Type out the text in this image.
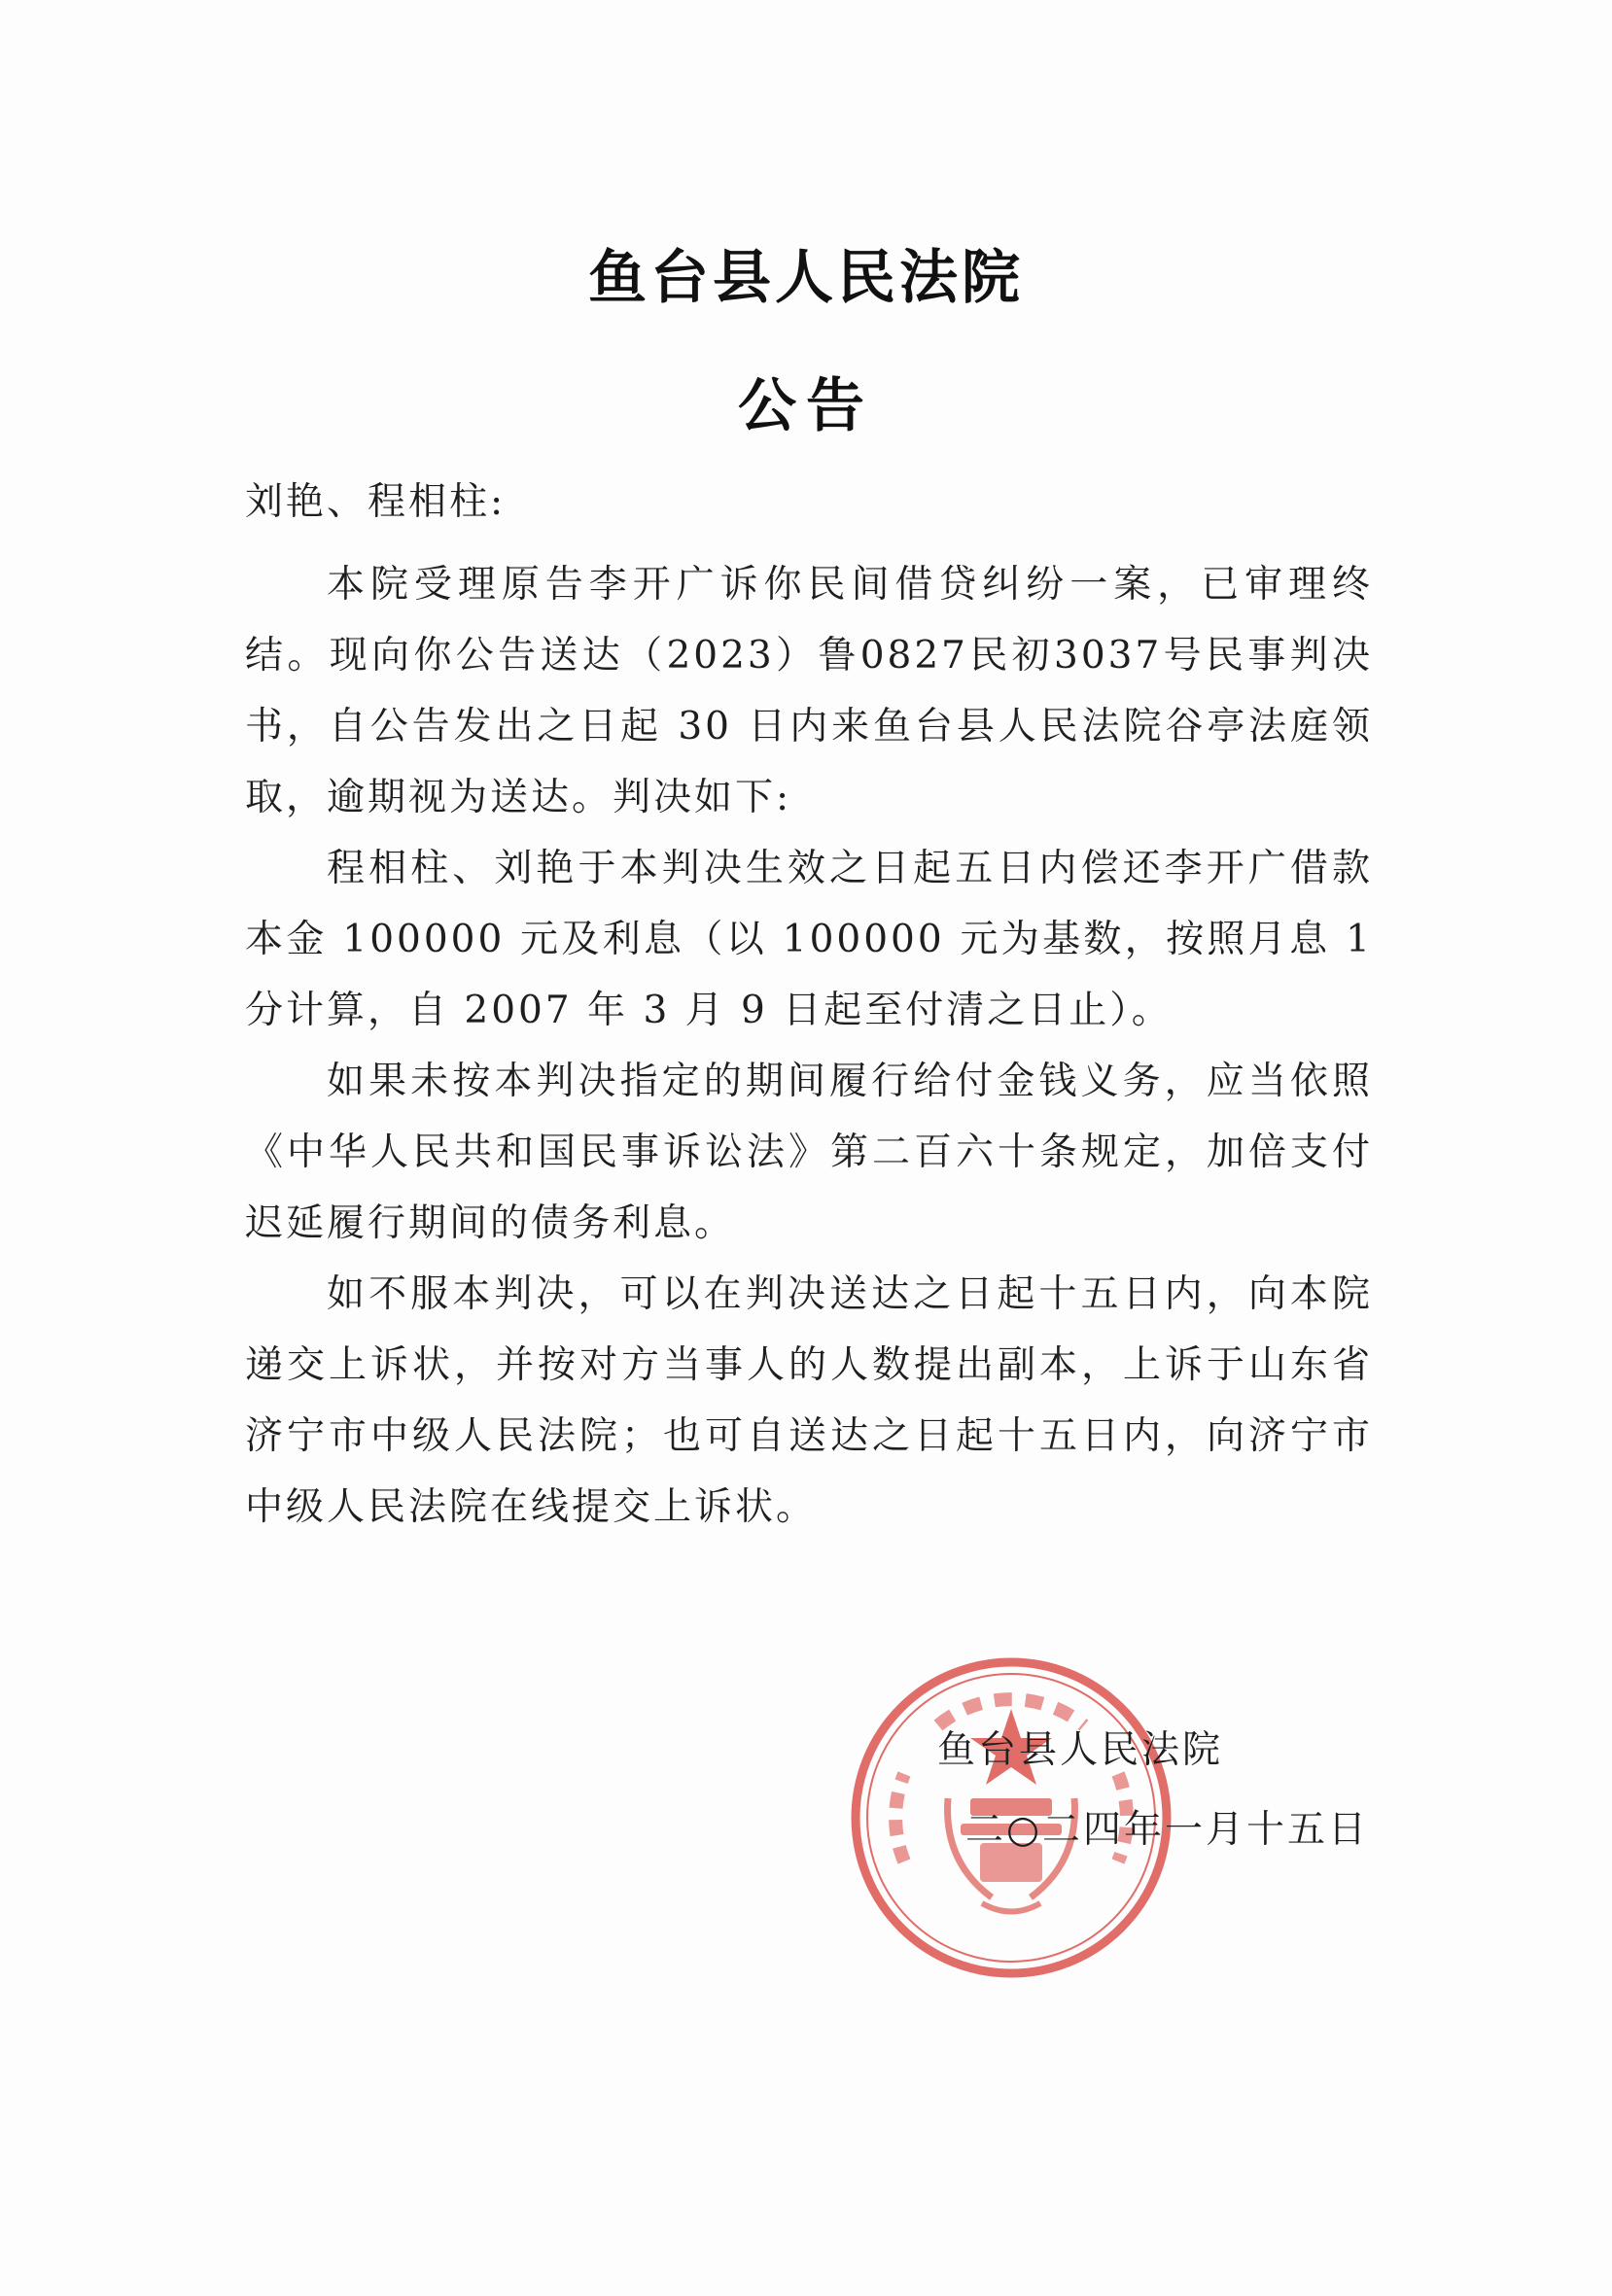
鱼台县人民法院
公告

刘艳、程相柱:

本院受理原告李开广诉你民间借贷纠纷一案，已审理终结。现向你公告送达（2023）鲁0827民初3037号民事判决书，自公告发出之日起 30 日内来鱼台县人民法院谷亭法庭领取，逾期视为送达。判决如下:

程相柱、刘艳于本判决生效之日起五日内偿还李开广借款本金 100000 元及利息（以 100000 元为基数，按照月息 1 分计算，自 2007 年 3 月 9 日起至付清之日止）。

如果未按本判决指定的期间履行给付金钱义务，应当依照《中华人民共和国民事诉讼法》第二百六十条规定，加倍支付迟延履行期间的债务利息。

如不服本判决，可以在判决送达之日起十五日内，向本院递交上诉状，并按对方当事人的人数提出副本，上诉于山东省济宁市中级人民法院；也可自送达之日起十五日内，向济宁市中级人民法院在线提交上诉状。

鱼台县人民法院
二○二四年一月十五日
